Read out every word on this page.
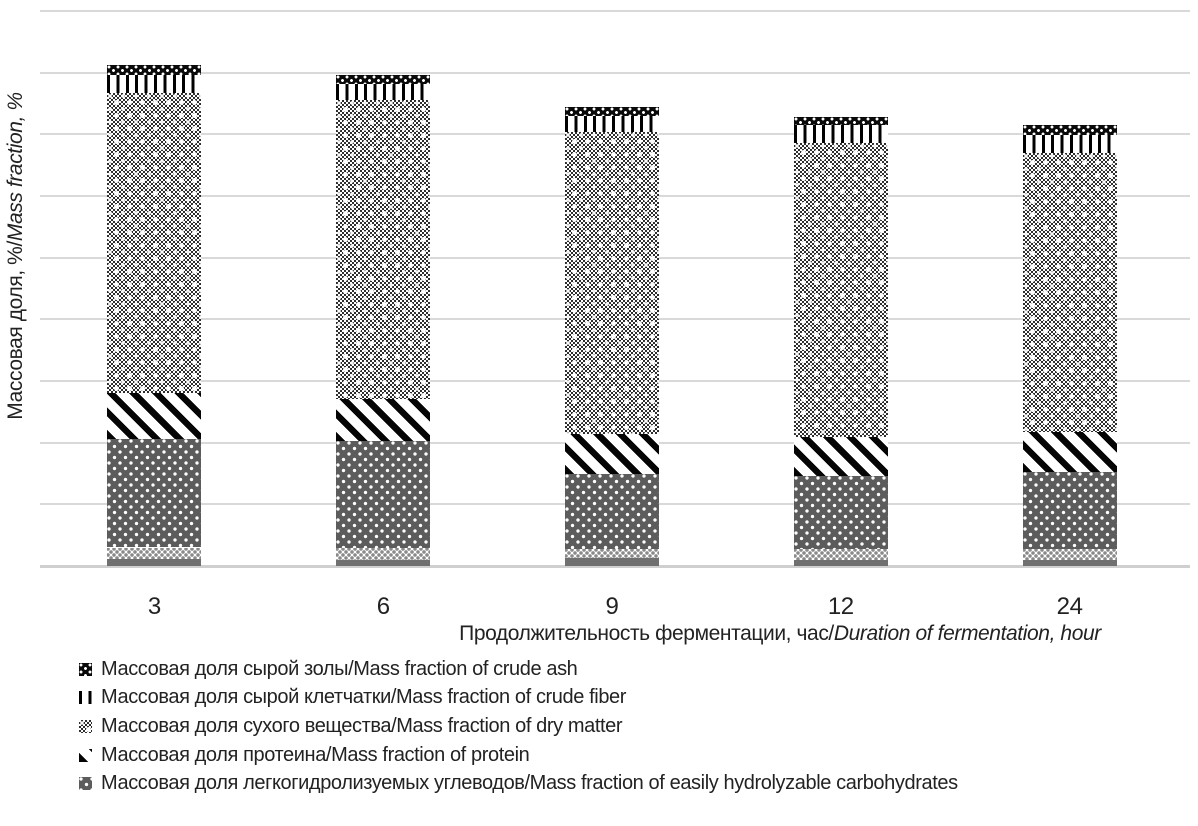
3	6	9	12	24
Массовая доля, %/Mass fraction, %
Продолжительность ферментации, час/Duration of fermentation, hour
Массовая доля сырой золы/Mass fraction of crude ash
Массовая доля сырой клетчатки/Mass fraction of crude fiber
Массовая доля сухого вещества/Mass fraction of dry matter
Массовая доля протеина/Mass fraction of protein
Массовая доля легкогидролизуемых углеводов/Mass fraction of easily hydrolyzable carbohydrates
